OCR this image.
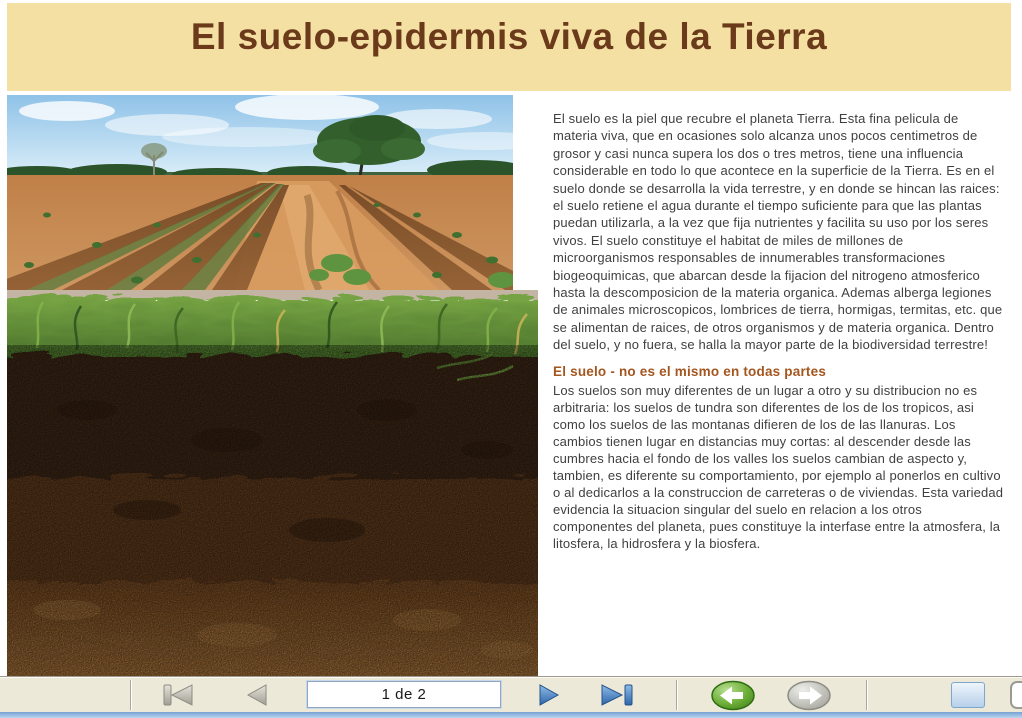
El suelo-epidermis viva de la Tierra

El suelo es la piel que recubre el planeta Tierra. Esta fina pelicula de materia viva, que en ocasiones solo alcanza unos pocos centimetros de grosor y casi nunca supera los dos o tres metros, tiene una influencia considerable en todo lo que acontece en la superficie de la Tierra. Es en el suelo donde se desarrolla la vida terrestre, y en donde se hincan las raices: el suelo retiene el agua durante el tiempo suficiente para que las plantas puedan utilizarla, a la vez que fija nutrientes y facilita su uso por los seres vivos. El suelo constituye el habitat de miles de millones de microorganismos responsables de innumerables transformaciones biogeoquimicas, que abarcan desde la fijacion del nitrogeno atmosferico hasta la descomposicion de la materia organica. Ademas alberga legiones de animales microscopicos, lombrices de tierra, hormigas, termitas, etc. que se alimentan de raices, de otros organismos y de materia organica. Dentro del suelo, y no fuera, se halla la mayor parte de la biodiversidad terrestre!

El suelo - no es el mismo en todas partes

Los suelos son muy diferentes de un lugar a otro y su distribucion no es arbitraria: los suelos de tundra son diferentes de los de los tropicos, asi como los suelos de las montanas difieren de los de las llanuras. Los cambios tienen lugar en distancias muy cortas: al descender desde las cumbres hacia el fondo de los valles los suelos cambian de aspecto y, tambien, es diferente su comportamiento, por ejemplo al ponerlos en cultivo o al dedicarlos a la construccion de carreteras o de viviendas. Esta variedad evidencia la situacion singular del suelo en relacion a los otros componentes del planeta, pues constituye la interfase entre la atmosfera, la litosfera, la hidrosfera y la biosfera.

1 de 2
